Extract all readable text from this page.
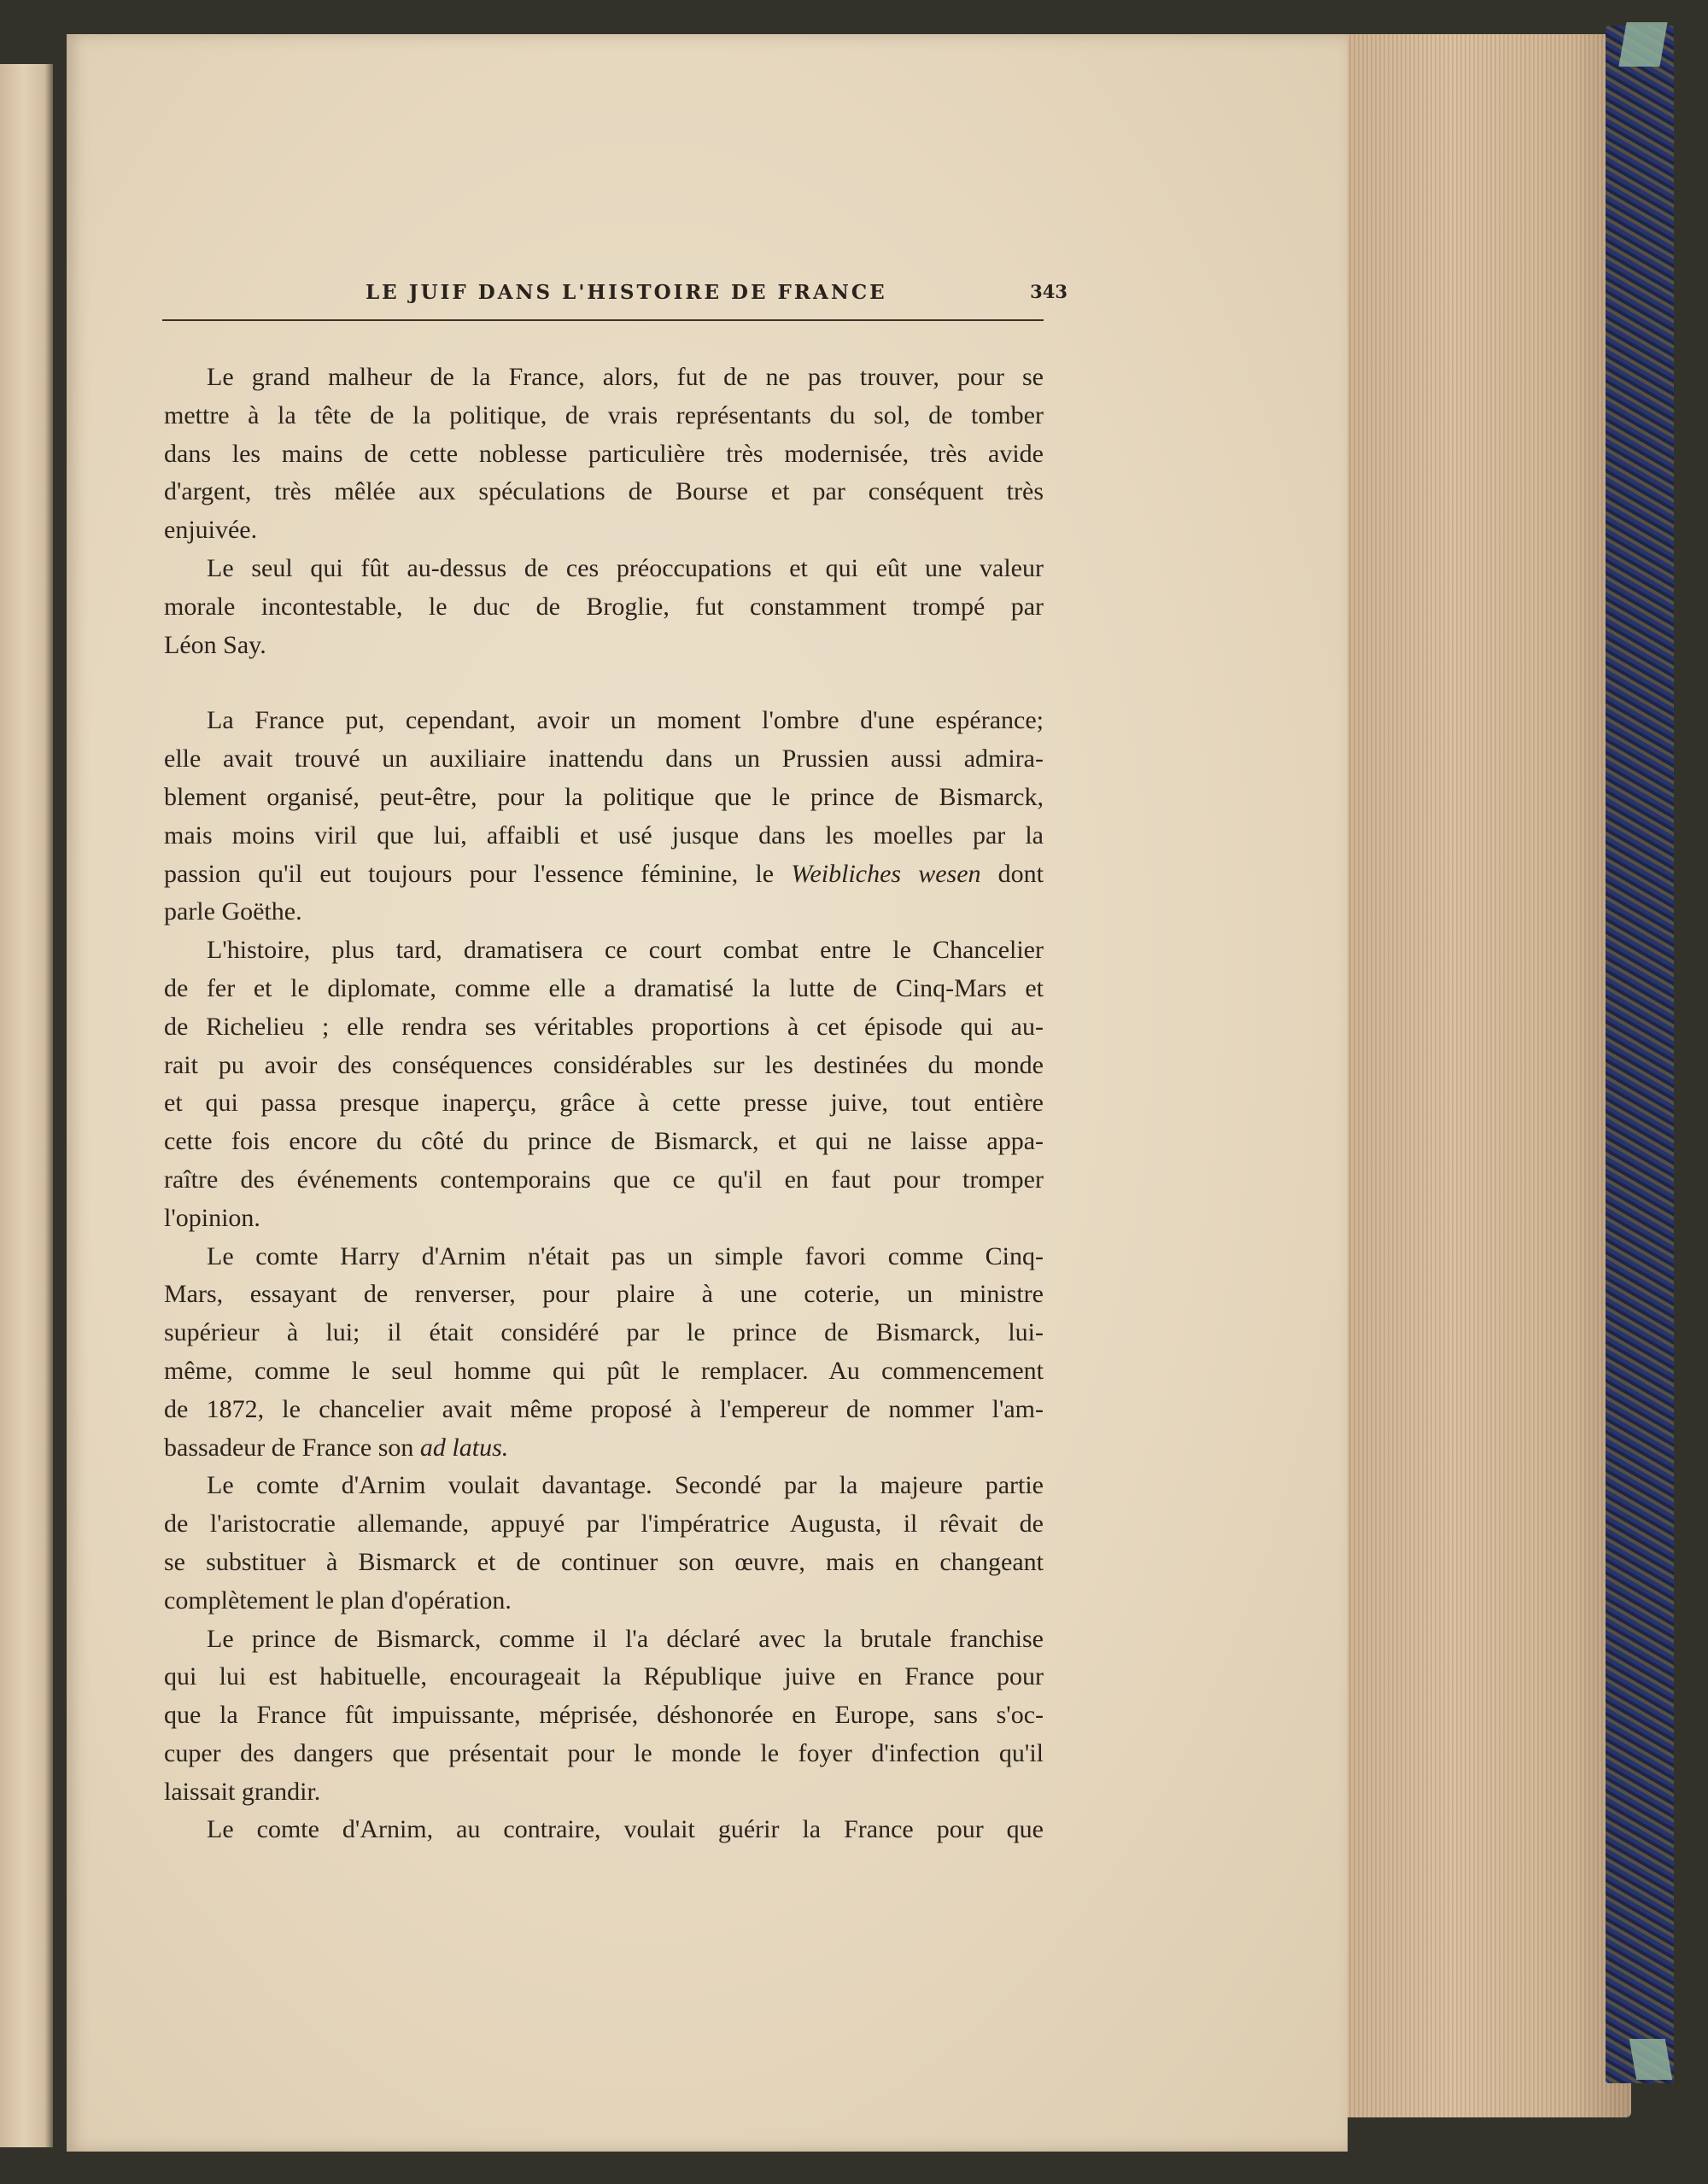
LE JUIF DANS L'HISTOIRE DE FRANCE	343
Le grand malheur de la France, alors, fut de ne pas trouver, pour se
mettre à la tête de la politique, de vrais représentants du sol, de tomber
dans les mains de cette noblesse particulière très modernisée, très avide
d'argent, très mêlée aux spéculations de Bourse et par conséquent très
enjuivée.
Le seul qui fût au-dessus de ces préoccupations et qui eût une valeur
morale incontestable, le duc de Broglie, fut constamment trompé par
Léon Say.
La France put, cependant, avoir un moment l'ombre d'une espérance;
elle avait trouvé un auxiliaire inattendu dans un Prussien aussi admira-
blement organisé, peut-être, pour la politique que le prince de Bismarck,
mais moins viril que lui, affaibli et usé jusque dans les moelles par la
passion qu'il eut toujours pour l'essence féminine, le Weibliches wesen dont
parle Goëthe.
L'histoire, plus tard, dramatisera ce court combat entre le Chancelier
de fer et le diplomate, comme elle a dramatisé la lutte de Cinq-Mars et
de Richelieu ; elle rendra ses véritables proportions à cet épisode qui au-
rait pu avoir des conséquences considérables sur les destinées du monde
et qui passa presque inaperçu, grâce à cette presse juive, tout entière
cette fois encore du côté du prince de Bismarck, et qui ne laisse appa-
raître des événements contemporains que ce qu'il en faut pour tromper
l'opinion.
Le comte Harry d'Arnim n'était pas un simple favori comme Cinq-
Mars, essayant de renverser, pour plaire à une coterie, un ministre
supérieur à lui; il était considéré par le prince de Bismarck, lui-
même, comme le seul homme qui pût le remplacer. Au commencement
de 1872, le chancelier avait même proposé à l'empereur de nommer l'am-
bassadeur de France son ad latus.
Le comte d'Arnim voulait davantage. Secondé par la majeure partie
de l'aristocratie allemande, appuyé par l'impératrice Augusta, il rêvait de
se substituer à Bismarck et de continuer son œuvre, mais en changeant
complètement le plan d'opération.
Le prince de Bismarck, comme il l'a déclaré avec la brutale franchise
qui lui est habituelle, encourageait la République juive en France pour
que la France fût impuissante, méprisée, déshonorée en Europe, sans s'oc-
cuper des dangers que présentait pour le monde le foyer d'infection qu'il
laissait grandir.
Le comte d'Arnim, au contraire, voulait guérir la France pour que
